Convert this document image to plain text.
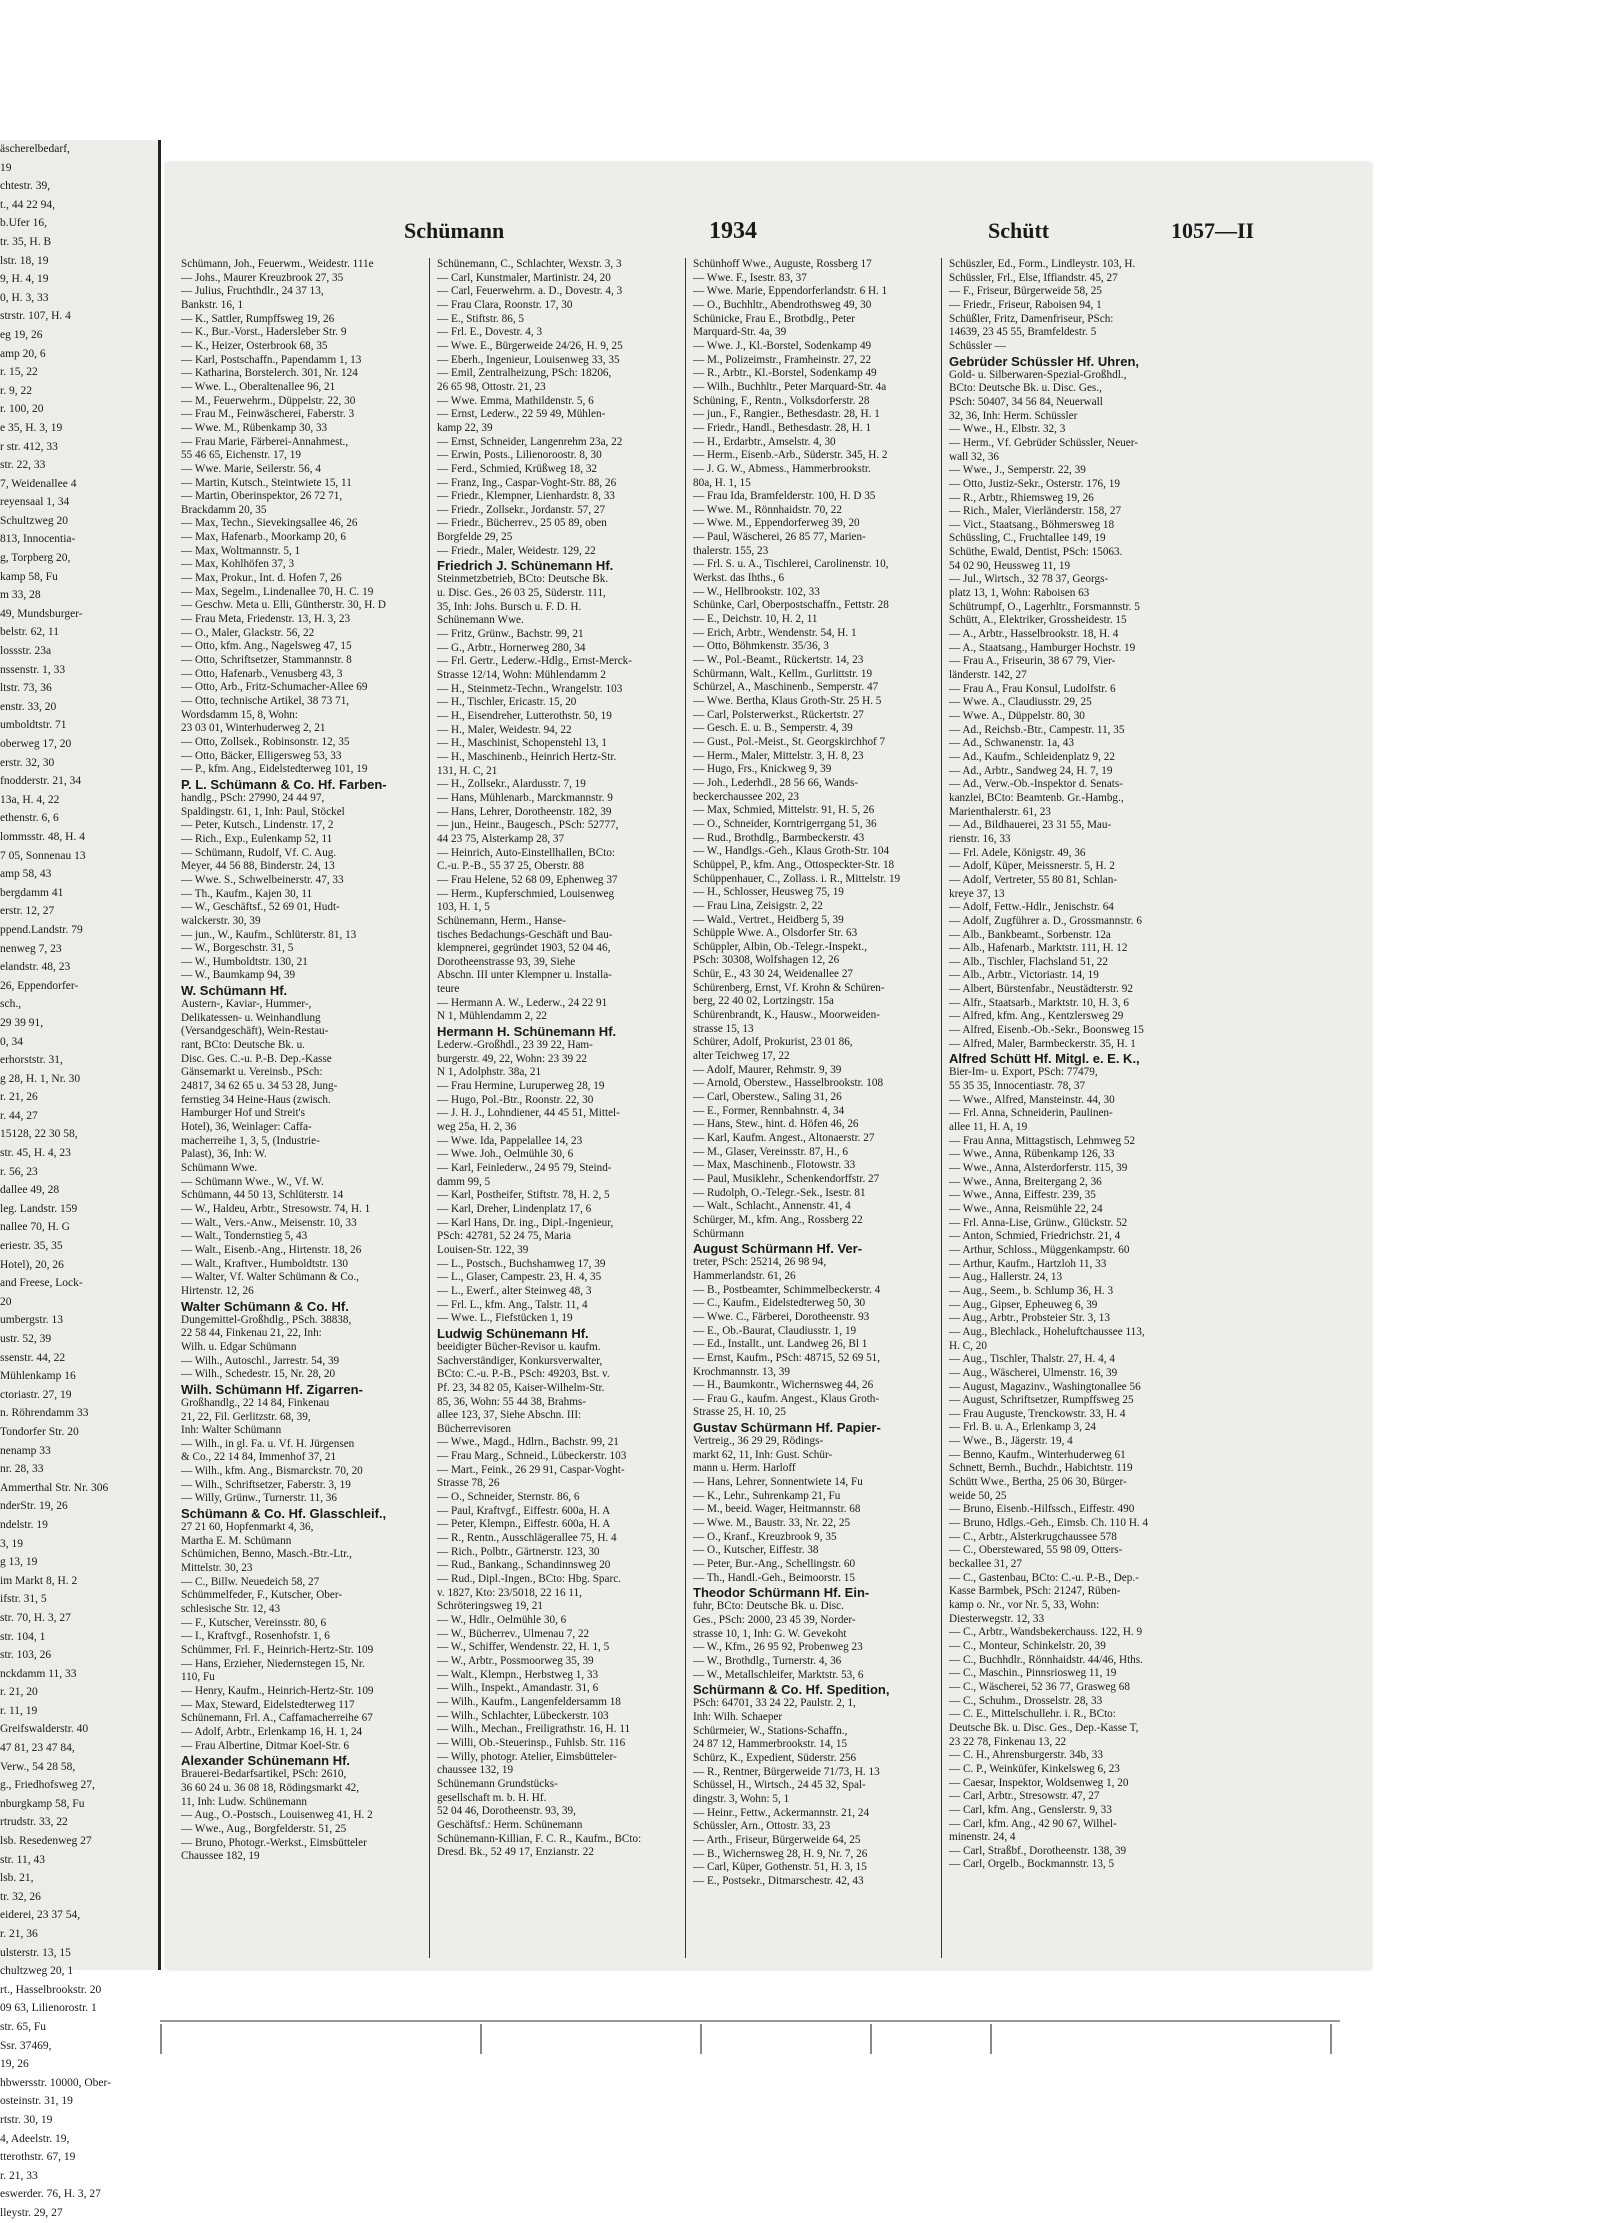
äscherelbedarf,
19
chtestr. 39,
t., 44 22 94,
b.Ufer 16,
tr. 35, H. B
lstr. 18, 19
9, H. 4, 19
0, H. 3, 33
strstr. 107, H. 4
eg 19, 26
amp 20, 6
r. 15, 22
r. 9, 22
r. 100, 20
e 35, H. 3, 19
r str. 412, 33
str. 22, 33
7, Weidenallee 4
reyensaal 1, 34
Schultzweg 20
813, Innocentia-
g, Torpberg 20,
kamp 58, Fu
m 33, 28
49, Mundsburger-
belstr. 62, 11
lossstr. 23a
nssenstr. 1, 33
ltstr. 73, 36
enstr. 33, 20
umboldtstr. 71
oberweg 17, 20
erstr. 32, 30
fnodderstr. 21, 34
13a, H. 4, 22
ethenstr. 6, 6
lommsstr. 48, H. 4
7 05, Sonnenau 13
amp 58, 43
bergdamm 41
erstr. 12, 27
ppend.Landstr. 79
nenweg 7, 23
elandstr. 48, 23
26, Eppendorfer-
sch.,
29 39 91,
0, 34
erhorststr. 31,
g 28, H. 1, Nr. 30
r. 21, 26
r. 44, 27
15128, 22 30 58,
str. 45, H. 4, 23
r. 56, 23
dallee 49, 28
leg. Landstr. 159
nallee 70, H. G
eriestr. 35, 35
Hotel), 20, 26
and Freese, Lock-
20
umbergstr. 13
ustr. 52, 39
ssenstr. 44, 22
Mühlenkamp 16
ctoriastr. 27, 19
n. Röhrendamm 33
Tondorfer Str. 20
nenamp 33
nr. 28, 33
Ammerthal Str. Nr. 306
nderStr. 19, 26
ndelstr. 19
3, 19
g 13, 19
im Markt 8, H. 2
ifstr. 31, 5
str. 70, H. 3, 27
str. 104, 1
str. 103, 26
nckdamm 11, 33
r. 21, 20
r. 11, 19
Greifswalderstr. 40
47 81, 23 47 84,
Verw., 54 28 58,
g., Friedhofsweg 27,
nburgkamp 58, Fu
rtrudstr. 33, 22
lsb. Resedenweg 27
str. 11, 43
lsb. 21,
tr. 32, 26
eiderei, 23 37 54,
r. 21, 36
ulsterstr. 13, 15
chultzweg 20, 1
rt., Hasselbrookstr. 20
09 63, Lilienorostr. 1
str. 65, Fu
Ssr. 37469,
19, 26
hbwersstr. 10000, Ober-
osteinstr. 31, 19
rtstr. 30, 19
4, Adeelstr. 19,
tterothstr. 67, 19
r. 21, 33
eswerder. 76, H. 3, 27
lleystr. 29, 27
Schümann	1934	Schütt	1057—II
Schümann, Joh., Feuerwm., Weidestr. 111e
— Johs., Maurer Kreuzbrook 27, 35
— Julius, Fruchthdlr., 24 37 13,
Bankstr. 16, 1
— K., Sattler, Rumpffsweg 19, 26
— K., Bur.-Vorst., Hadersleber Str. 9
— K., Heizer, Osterbrook 68, 35
— Karl, Postschaffn., Papendamm 1, 13
— Katharina, Borstelerch. 301, Nr. 124
— Wwe. L., Oberaltenallee 96, 21
— M., Feuerwehrm., Düppelstr. 22, 30
— Frau M., Feinwäscherei, Faberstr. 3
— Wwe. M., Rübenkamp 30, 33
— Frau Marie, Färberei-Annahmest.,
55 46 65, Eichenstr. 17, 19
— Wwe. Marie, Seilerstr. 56, 4
— Martin, Kutsch., Steintwiete 15, 11
— Martin, Oberinspektor, 26 72 71,
Brackdamm 20, 35
— Max, Techn., Sievekingsallee 46, 26
— Max, Hafenarb., Moorkamp 20, 6
— Max, Woltmannstr. 5, 1
— Max, Kohlhöfen 37, 3
— Max, Prokur., Int. d. Hofen 7, 26
— Max, Segelm., Lindenallee 70, H. C. 19
— Geschw. Meta u. Elli, Güntherstr. 30, H. D
— Frau Meta, Friedenstr. 13, H. 3, 23
— O., Maler, Glackstr. 56, 22
— Otto, kfm. Ang., Nagelsweg 47, 15
— Otto, Schriftsetzer, Stammannstr. 8
— Otto, Hafenarb., Venusberg 43, 3
— Otto, Arb., Fritz-Schumacher-Allee 69
— Otto, technische Artikel, 38 73 71,
Wordsdamm 15, 8, Wohn:
23 03 01, Winterhuderweg 2, 21
— Otto, Zollsek., Robinsonstr. 12, 35
— Otto, Bäcker, Elligersweg 53, 33
— P., kfm. Ang., Eidelstedterweg 101, 19
P. L. Schümann & Co. Hf. Farben-
handlg., PSch: 27990, 24 44 97,
Spaldingstr. 61, 1, Inh: Paul, Stöckel
— Peter, Kutsch., Lindenstr. 17, 2
— Rich., Exp., Eulenkamp 52, 11
— Schümann, Rudolf, Vf. C. Aug.
Meyer, 44 56 88, Binderstr. 24, 13
— Wwe. S., Schwelbeinerstr. 47, 33
— Th., Kaufm., Kajen 30, 11
— W., Geschäftsf., 52 69 01, Hudt-
walckerstr. 30, 39
— jun., W., Kaufm., Schlüterstr. 81, 13
— W., Borgeschstr. 31, 5
— W., Humboldtstr. 130, 21
— W., Baumkamp 94, 39
W. Schümann Hf.
Austern-, Kaviar-, Hummer-,
Delikatessen- u. Weinhandlung
(Versandgeschäft), Wein-Restau-
rant, BCto: Deutsche Bk. u.
Disc. Ges. C.-u. P.-B. Dep.-Kasse
Gänsemarkt u. Vereinsb., PSch:
24817, 34 62 65 u. 34 53 28, Jung-
fernstieg 34 Heine-Haus (zwisch.
Hamburger Hof und Streit's
Hotel), 36, Weinlager: Caffa-
macherreihe 1, 3, 5, (Industrie-
Palast), 36, Inh: W.
Schümann Wwe.
— Schümann Wwe., W., Vf. W.
Schümann, 44 50 13, Schlüterstr. 14
— W., Haldeu, Arbtr., Stresowstr. 74, H. 1
— Walt., Vers.-Anw., Meisenstr. 10, 33
— Walt., Tondernstieg 5, 43
— Walt., Eisenb.-Ang., Hirtenstr. 18, 26
— Walt., Kraftver., Humboldtstr. 130
— Walter, Vf. Walter Schümann & Co.,
Hirtenstr. 12, 26
Walter Schümann & Co. Hf.
Dungemittel-Großhdlg., PSch. 38838,
22 58 44, Finkenau 21, 22, Inh:
Wilh. u. Edgar Schümann
— Wilh., Autoschl., Jarrestr. 54, 39
— Wilh., Schedestr. 15, Nr. 28, 20
Wilh. Schümann Hf. Zigarren-
Großhandlg., 22 14 84, Finkenau
21, 22, Fil. Gerlitzstr. 68, 39,
Inh: Walter Schümann
— Wilh., in gl. Fa. u. Vf. H. Jürgensen
& Co., 22 14 84, Immenhof 37, 21
— Wilh., kfm. Ang., Bismarckstr. 70, 20
— Wilh., Schriftsetzer, Faberstr. 3, 19
— Willy, Grünw., Turnerstr. 11, 36
Schümann & Co. Hf. Glasschleif.,
27 21 60, Hopfenmarkt 4, 36,
Martha E. M. Schümann
Schümichen, Benno, Masch.-Btr.-Ltr.,
Mittelstr. 30, 23
— C., Billw. Neuedeich 58, 27
Schümmelfeder, F., Kutscher, Ober-
schlesische Str. 12, 43
— F., Kutscher, Vereinsstr. 80, 6
— I., Kraftvgf., Rosenhofstr. 1, 6
Schümmer, Frl. F., Heinrich-Hertz-Str. 109
— Hans, Erzieher, Niedernstegen 15, Nr.
110, Fu
— Henry, Kaufm., Heinrich-Hertz-Str. 109
— Max, Steward, Eidelstedterweg 117
Schünemann, Frl. A., Caffamacherreihe 67
— Adolf, Arbtr., Erlenkamp 16, H. 1, 24
— Frau Albertine, Ditmar Koel-Str. 6
Alexander Schünemann Hf.
Brauerei-Bedarfsartikel, PSch: 2610,
36 60 24 u. 36 08 18, Rödingsmarkt 42,
11, Inh: Ludw. Schünemann
— Aug., O.-Postsch., Louisenweg 41, H. 2
— Wwe., Aug., Borgfelderstr. 51, 25
— Bruno, Photogr.-Werkst., Eimsbütteler
Chaussee 182, 19
Schünemann, C., Schlachter, Wexstr. 3, 3
— Carl, Kunstmaler, Martinistr. 24, 20
— Carl, Feuerwehrm. a. D., Dovestr. 4, 3
— Frau Clara, Roonstr. 17, 30
— E., Stiftstr. 86, 5
— Frl. E., Dovestr. 4, 3
— Wwe. E., Bürgerweide 24/26, H. 9, 25
— Eberh., Ingenieur, Louisenweg 33, 35
— Emil, Zentralheizung, PSch: 18206,
26 65 98, Ottostr. 21, 23
— Wwe. Emma, Mathildenstr. 5, 6
— Ernst, Lederw., 22 59 49, Mühlen-
kamp 22, 39
— Ernst, Schneider, Langenrehm 23a, 22
— Erwin, Posts., Lilienoroostr. 8, 30
— Ferd., Schmied, Krüßweg 18, 32
— Franz, Ing., Caspar-Voght-Str. 88, 26
— Friedr., Klempner, Lienhardstr. 8, 33
— Friedr., Zollsekr., Jordanstr. 57, 27
— Friedr., Bücherrev., 25 05 89, oben
Borgfelde 29, 25
— Friedr., Maler, Weidestr. 129, 22
Friedrich J. Schünemann Hf.
Steinmetzbetrieb, BCto: Deutsche Bk.
u. Disc. Ges., 26 03 25, Süderstr. 111,
35, Inh: Johs. Bursch u. F. D. H.
Schünemann Wwe.
— Fritz, Grünw., Bachstr. 99, 21
— G., Arbtr., Hornerweg 280, 34
— Frl. Gertr., Lederw.-Hdlg., Ernst-Merck-
Strasse 12/14, Wohn: Mühlendamm 2
— H., Steinmetz-Techn., Wrangelstr. 103
— H., Tischler, Ericastr. 15, 20
— H., Eisendreher, Lutterothstr. 50, 19
— H., Maler, Weidestr. 94, 22
— H., Maschinist, Schopenstehl 13, 1
— H., Maschinenb., Heinrich Hertz-Str.
131, H. C, 21
— H., Zollsekr., Alardusstr. 7, 19
— Hans, Mühlenarb., Marckmannstr. 9
— Hans, Lehrer, Dorotheenstr. 182, 39
— jun., Heinr., Baugesch., PSch: 52777,
44 23 75, Alsterkamp 28, 37
— Heinrich, Auto-Einstellhallen, BCto:
C.-u. P.-B., 55 37 25, Oberstr. 88
— Frau Helene, 52 68 09, Ephenweg 37
— Herm., Kupferschmied, Louisenweg
103, H. 1, 5
Schünemann, Herm., Hanse-
tisches Bedachungs-Geschäft und Bau-
klempnerei, gegründet 1903, 52 04 46,
Dorotheenstrasse 93, 39, Siehe
Abschn. III unter Klempner u. Installa-
teure
— Hermann A. W., Lederw., 24 22 91
N 1, Mühlendamm 2, 22
Hermann H. Schünemann Hf.
Lederw.-Großhdl., 23 39 22, Ham-
burgerstr. 49, 22, Wohn: 23 39 22
N 1, Adolphstr. 38a, 21
— Frau Hermine, Luruperweg 28, 19
— Hugo, Pol.-Btr., Roonstr. 22, 30
— J. H. J., Lohndiener, 44 45 51, Mittel-
weg 25a, H. 2, 36
— Wwe. Ida, Pappelallee 14, 23
— Wwe. Joh., Oelmühle 30, 6
— Karl, Feinlederw., 24 95 79, Steind-
damm 99, 5
— Karl, Postheifer, Stiftstr. 78, H. 2, 5
— Karl, Dreher, Lindenplatz 17, 6
— Karl Hans, Dr. ing., Dipl.-Ingenieur,
PSch: 42781, 52 24 75, Maria
Louisen-Str. 122, 39
— L., Postsch., Buchshamweg 17, 39
— L., Glaser, Campestr. 23, H. 4, 35
— L., Ewerf., alter Steinweg 48, 3
— Frl. L., kfm. Ang., Talstr. 11, 4
— Wwe. L., Fiefstücken 1, 19
Ludwig Schünemann Hf.
beeidigter Bücher-Revisor u. kaufm.
Sachverständiger, Konkursverwalter,
BCto: C.-u. P.-B., PSch: 49203, Bst. v.
Pf. 23, 34 82 05, Kaiser-Wilhelm-Str.
85, 36, Wohn: 55 44 38, Brahms-
allee 123, 37, Siehe Abschn. III:
Bücherrevisoren
— Wwe., Magd., Hdlrn., Bachstr. 99, 21
— Frau Marg., Schneid., Lübeckerstr. 103
— Mart., Feink., 26 29 91, Caspar-Voght-
Strasse 78, 26
— O., Schneider, Sternstr. 86, 6
— Paul, Kraftvgf., Eiffestr. 600a, H. A
— Peter, Klempn., Eiffestr. 600a, H. A
— R., Rentn., Ausschlägerallee 75, H. 4
— Rich., Polbtr., Gärtnerstr. 123, 30
— Rud., Bankang., Schandinnsweg 20
— Rud., Dipl.-Ingen., BCto: Hbg. Sparc.
v. 1827, Kto: 23/5018, 22 16 11,
Schröteringsweg 19, 21
— W., Hdlr., Oelmühle 30, 6
— W., Bücherrev., Ulmenau 7, 22
— W., Schiffer, Wendenstr. 22, H. 1, 5
— W., Arbtr., Possmoorweg 35, 39
— Walt., Klempn., Herbstweg 1, 33
— Wilh., Inspekt., Amandastr. 31, 6
— Wilh., Kaufm., Langenfeldersamm 18
— Wilh., Schlachter, Lübeckerstr. 103
— Wilh., Mechan., Freiligrathstr. 16, H. 11
— Willi, Ob.-Steuerinsp., Fuhlsb. Str. 116
— Willy, photogr. Atelier, Eimsbütteler-
chaussee 132, 19
Schünemann Grundstücks-
gesellschaft m. b. H. Hf.
52 04 46, Dorotheenstr. 93, 39,
Geschäftsf.: Herm. Schünemann
Schünemann-Killian, F. C. R., Kaufm., BCto:
Dresd. Bk., 52 49 17, Enzianstr. 22
Schünhoff Wwe., Auguste, Rossberg 17
— Wwe. F., Isestr. 83, 37
— Wwe. Marie, Eppendorferlandstr. 6 H. 1
— O., Buchhltr., Abendrothsweg 49, 30
Schünicke, Frau E., Brotbdlg., Peter
Marquard-Str. 4a, 39
— Wwe. J., Kl.-Borstel, Sodenkamp 49
— M., Polizeimstr., Framheinstr. 27, 22
— R., Arbtr., Kl.-Borstel, Sodenkamp 49
— Wilh., Buchhltr., Peter Marquard-Str. 4a
Schüning, F., Rentn., Volksdorferstr. 28
— jun., F., Rangier., Bethesdastr. 28, H. 1
— Friedr., Handl., Bethesdastr. 28, H. 1
— H., Erdarbtr., Amselstr. 4, 30
— Herm., Eisenb.-Arb., Süderstr. 345, H. 2
— J. G. W., Abmess., Hammerbrookstr.
80a, H. 1, 15
— Frau Ida, Bramfelderstr. 100, H. D 35
— Wwe. M., Rönnhaidstr. 70, 22
— Wwe. M., Eppendorferweg 39, 20
— Paul, Wäscherei, 26 85 77, Marien-
thalerstr. 155, 23
— Frl. S. u. A., Tischlerei, Carolinenstr. 10,
Werkst. das Ihths., 6
— W., Hellbrookstr. 102, 33
Schünke, Carl, Oberpostschaffn., Fettstr. 28
— E., Deichstr. 10, H. 2, 11
— Erich, Arbtr., Wendenstr. 54, H. 1
— Otto, Böhmkenstr. 35/36, 3
— W., Pol.-Beamt., Rückertstr. 14, 23
Schürmann, Walt., Kellm., Gurlittstr. 19
Schürzel, A., Maschinenb., Semperstr. 47
— Wwe. Bertha, Klaus Groth-Str. 25 H. 5
— Carl, Polsterwerkst., Rückertstr. 27
— Gesch. E. u. B., Semperstr. 4, 39
— Gust., Pol.-Meist., St. Georgskirchhof 7
— Herm., Maler, Mittelstr. 3, H. 8, 23
— Hugo, Frs., Knickweg 9, 39
— Joh., Lederhdl., 28 56 66, Wands-
beckerchaussee 202, 23
— Max, Schmied, Mittelstr. 91, H. 5, 26
— O., Schneider, Korntrigerrgang 51, 36
— Rud., Brothdlg., Barmbeckerstr. 43
— W., Handlgs.-Geh., Klaus Groth-Str. 104
Schüppel, P., kfm. Ang., Ottospeckter-Str. 18
Schüppenhauer, C., Zollass. i. R., Mittelstr. 19
— H., Schlosser, Heusweg 75, 19
— Frau Lina, Zeisigstr. 2, 22
— Wald., Vertret., Heidberg 5, 39
Schüpple Wwe. A., Olsdorfer Str. 63
Schüppler, Albin, Ob.-Telegr.-Inspekt.,
PSch: 30308, Wolfshagen 12, 26
Schür, E., 43 30 24, Weidenallee 27
Schürenberg, Ernst, Vf. Krohn & Schüren-
berg, 22 40 02, Lortzingstr. 15a
Schürenbrandt, K., Hausw., Moorweiden-
strasse 15, 13
Schürer, Adolf, Prokurist, 23 01 86,
alter Teichweg 17, 22
— Adolf, Maurer, Rehmstr. 9, 39
— Arnold, Oberstew., Hasselbrookstr. 108
— Carl, Oberstew., Saling 31, 26
— E., Former, Rennbahnstr. 4, 34
— Hans, Stew., hint. d. Höfen 46, 26
— Karl, Kaufm. Angest., Altonaerstr. 27
— M., Glaser, Vereinsstr. 87, H., 6
— Max, Maschinenb., Flotowstr. 33
— Paul, Musiklehr., Schenkendorffstr. 27
— Rudolph, O.-Telegr.-Sek., Isestr. 81
— Walt., Schlacht., Annenstr. 41, 4
Schürger, M., kfm. Ang., Rossberg 22
Schürmann
August Schürmann Hf. Ver-
treter, PSch: 25214, 26 98 94,
Hammerlandstr. 61, 26
— B., Postbeamter, Schimmelbeckerstr. 4
— C., Kaufm., Eidelstedterweg 50, 30
— Wwe. C., Färberei, Dorotheenstr. 93
— E., Ob.-Baurat, Claudiusstr. 1, 19
— Ed., Installt., unt. Landweg 26, Bl 1
— Ernst, Kaufm., PSch: 48715, 52 69 51,
Krochmannstr. 13, 39
— H., Baumkontr., Wichernsweg 44, 26
— Frau G., kaufm. Angest., Klaus Groth-
Strasse 25, H. 10, 25
Gustav Schürmann Hf. Papier-
Vertreig., 36 29 29, Rödings-
markt 62, 11, Inh: Gust. Schür-
mann u. Herm. Harloff
— Hans, Lehrer, Sonnentwiete 14, Fu
— K., Lehr., Suhrenkamp 21, Fu
— M., beeid. Wager, Heitmannstr. 68
— Wwe. M., Baustr. 33, Nr. 22, 25
— O., Kranf., Kreuzbrook 9, 35
— O., Kutscher, Eiffestr. 38
— Peter, Bur.-Ang., Schellingstr. 60
— Th., Handl.-Geh., Beimoorstr. 15
Theodor Schürmann Hf. Ein-
fuhr, BCto: Deutsche Bk. u. Disc.
Ges., PSch: 2000, 23 45 39, Norder-
strasse 10, 1, Inh: G. W. Gevekoht
— W., Kfm., 26 95 92, Probenweg 23
— W., Brothdlg., Turnerstr. 4, 36
— W., Metallschleifer, Marktstr. 53, 6
Schürmann & Co. Hf. Spedition,
PSch: 64701, 33 24 22, Paulstr. 2, 1,
Inh: Wilh. Schaeper
Schürmeier, W., Stations-Schaffn.,
24 87 12, Hammerbrookstr. 14, 15
Schürz, K., Expedient, Süderstr. 256
— R., Rentner, Bürgerweide 71/73, H. 13
Schüssel, H., Wirtsch., 24 45 32, Spal-
dingstr. 3, Wohn: 5, 1
— Heinr., Fettw., Ackermannstr. 21, 24
Schüssler, Arn., Ottostr. 33, 23
— Arth., Friseur, Bürgerweide 64, 25
— B., Wichernsweg 28, H. 9, Nr. 7, 26
— Carl, Küper, Gothenstr. 51, H. 3, 15
— E., Postsekr., Ditmarschestr. 42, 43
Schüszler, Ed., Form., Lindleystr. 103, H.
Schüssler, Frl., Else, Iffiandstr. 45, 27
— F., Friseur, Bürgerweide 58, 25
— Friedr., Friseur, Raboisen 94, 1
Schüßler, Fritz, Damenfriseur, PSch:
14639, 23 45 55, Bramfeldestr. 5
Schüssler —
Gebrüder Schüssler Hf. Uhren,
Gold- u. Silberwaren-Spezial-Großhdl.,
BCto: Deutsche Bk. u. Disc. Ges.,
PSch: 50407, 34 56 84, Neuerwall
32, 36, Inh: Herm. Schüssler
— Wwe., H., Elbstr. 32, 3
— Herm., Vf. Gebrüder Schüssler, Neuer-
wall 32, 36
— Wwe., J., Semperstr. 22, 39
— Otto, Justiz-Sekr., Osterstr. 176, 19
— R., Arbtr., Rhiemsweg 19, 26
— Rich., Maler, Vierländerstr. 158, 27
— Vict., Staatsang., Böhmersweg 18
Schüssling, C., Fruchtallee 149, 19
Schüthe, Ewald, Dentist, PSch: 15063.
54 02 90, Heussweg 11, 19
— Jul., Wirtsch., 32 78 37, Georgs-
platz 13, 1, Wohn: Raboisen 63
Schütrumpf, O., Lagerhltr., Forsmannstr. 5
Schütt, A., Elektriker, Grossheidestr. 15
— A., Arbtr., Hasselbrookstr. 18, H. 4
— A., Staatsang., Hamburger Hochstr. 19
— Frau A., Friseurin, 38 67 79, Vier-
länderstr. 142, 27
— Frau A., Frau Konsul, Ludolfstr. 6
— Wwe. A., Claudiusstr. 29, 25
— Wwe. A., Düppelstr. 80, 30
— Ad., Reichsb.-Btr., Campestr. 11, 35
— Ad., Schwanenstr. 1a, 43
— Ad., Kaufm., Schleidenplatz 9, 22
— Ad., Arbtr., Sandweg 24, H. 7, 19
— Ad., Verw.-Ob.-Inspektor d. Senats-
kanzlei, BCto: Beamtenb. Gr.-Hambg.,
Marienthalerstr. 61, 23
— Ad., Bildhauerei, 23 31 55, Mau-
rienstr. 16, 33
— Frl. Adele, Königstr. 49, 36
— Adolf, Küper, Meissnerstr. 5, H. 2
— Adolf, Vertreter, 55 80 81, Schlan-
kreye 37, 13
— Adolf, Fettw.-Hdlr., Jenischstr. 64
— Adolf, Zugführer a. D., Grossmannstr. 6
— Alb., Bankbeamt., Sorbenstr. 12a
— Alb., Hafenarb., Marktstr. 111, H. 12
— Alb., Tischler, Flachsland 51, 22
— Alb., Arbtr., Victoriastr. 14, 19
— Albert, Bürstenfabr., Neustädterstr. 92
— Alfr., Staatsarb., Marktstr. 10, H. 3, 6
— Alfred, kfm. Ang., Kentzlersweg 29
— Alfred, Eisenb.-Ob.-Sekr., Boonsweg 15
— Alfred, Maler, Barmbeckerstr. 35, H. 1
Alfred Schütt Hf. Mitgl. e. E. K.,
Bier-Im- u. Export, PSch: 77479,
55 35 35, Innocentiastr. 78, 37
— Wwe., Alfred, Mansteinstr. 44, 30
— Frl. Anna, Schneiderin, Paulinen-
allee 11, H. A, 19
— Frau Anna, Mittagstisch, Lehmweg 52
— Wwe., Anna, Rübenkamp 126, 33
— Wwe., Anna, Alsterdorferstr. 115, 39
— Wwe., Anna, Breitergang 2, 36
— Wwe., Anna, Eiffestr. 239, 35
— Wwe., Anna, Reismühle 22, 24
— Frl. Anna-Lise, Grünw., Glückstr. 52
— Anton, Schmied, Friedrichstr. 21, 4
— Arthur, Schloss., Müggenkampstr. 60
— Arthur, Kaufm., Hartzloh 11, 33
— Aug., Hallerstr. 24, 13
— Aug., Seem., b. Schlump 36, H. 3
— Aug., Gipser, Epheuweg 6, 39
— Aug., Arbtr., Probsteier Str. 3, 13
— Aug., Blechlack., Hoheluftchaussee 113,
H. C, 20
— Aug., Tischler, Thalstr. 27, H. 4, 4
— Aug., Wäscherei, Ulmenstr. 16, 39
— August, Magazinv., Washingtonallee 56
— August, Schriftsetzer, Rumpffsweg 25
— Frau Auguste, Trenckowstr. 33, H. 4
— Frl. B. u. A., Erlenkamp 3, 24
— Wwe., B., Jägerstr. 19, 4
— Benno, Kaufm., Winterhuderweg 61
Schnett, Bernh., Buchdr., Habichtstr. 119
Schütt Wwe., Bertha, 25 06 30, Bürger-
weide 50, 25
— Bruno, Eisenb.-Hilfssch., Eiffestr. 490
— Bruno, Hdlgs.-Geh., Eimsb. Ch. 110 H. 4
— C., Arbtr., Alsterkrugchaussee 578
— C., Oberstewared, 55 98 09, Otters-
beckallee 31, 27
— C., Gastenbau, BCto: C.-u. P.-B., Dep.-
Kasse Barmbek, PSch: 21247, Rüben-
kamp o. Nr., vor Nr. 5, 33, Wohn:
Diesterwegstr. 12, 33
— C., Arbtr., Wandsbekerchauss. 122, H. 9
— C., Monteur, Schinkelstr. 20, 39
— C., Buchhdlr., Rönnhaidstr. 44/46, Hths.
— C., Maschin., Pinnsriosweg 11, 19
— C., Wäscherei, 52 36 77, Grasweg 68
— C., Schuhm., Drosselstr. 28, 33
— C. E., Mittelschullehr. i. R., BCto:
Deutsche Bk. u. Disc. Ges., Dep.-Kasse T,
23 22 78, Finkenau 13, 22
— C. H., Ahrensburgerstr. 34b, 33
— C. P., Weinküfer, Kinkelsweg 6, 23
— Caesar, Inspektor, Woldsenweg 1, 20
— Carl, Arbtr., Stresowstr. 47, 27
— Carl, kfm. Ang., Genslerstr. 9, 33
— Carl, kfm. Ang., 42 90 67, Wilhel-
minenstr. 24, 4
— Carl, Straßbf., Dorotheenstr. 138, 39
— Carl, Orgelb., Bockmannstr. 13, 5
